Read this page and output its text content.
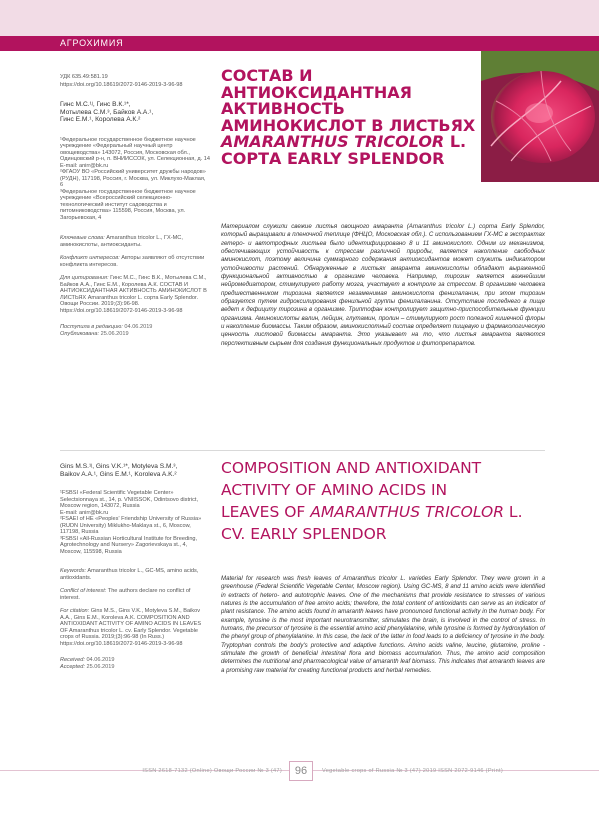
АГРОХИМИЯ

УДК 635.49:581.19

https://doi.org/10.18619/2072-9146-2019-3-96-98

Гинс М.С.¹ʲ, Гинс В.К.¹*,
Мотылева С.М.³, Байков А.А.¹,
Гинс Е.М.¹, Королева А.К.²

¹Федеральное государственное бюджетное научное учреждение «Федеральный научный центр овощеводства» 143072, Россия, Московская обл., Одинцовский р-н, п. ВНИИССОК, ул. Селекционная, д. 14

E-mail: anirr@bk.ru

²ФГАОУ ВО «Российский университет дружбы народов» (РУДН), 117198, Россия, г. Москва, ул. Миклухо-Маклая, 6

³Федеральное государственное бюджетное научное учреждение «Всероссийский селекционно-технологический институт садоводства и питомниководства» 115598, Россия, Москва, ул. Загорьевская, 4

Ключевые слова: Amaranthus tricolor L., ГХ-МС, аминокислоты, антиоксиданты.

Конфликт интересов: Авторы заявляют об отсутствии конфликта интересов.

Для цитирования: Гинс М.С., Гинс В.К., Мотылева С.М., Байков А.А., Гинс Е.М., Королева А.К. СОСТАВ И АНТИОКСИДАНТНАЯ АКТИВНОСТЬ АМИНОКИСЛОТ В ЛИСТЬЯХ Amaranthus tricolor L. сорта Early Splendor. Овощи России. 2019;(3):96-98. https://doi.org/10.18619/2072-9146-2019-3-96-98

Поступила в редакцию: 04.06.2019
Опубликована: 25.06.2019
СОСТАВ И
АНТИОКСИДАНТНАЯ
АКТИВНОСТЬ
АМИНОКИСЛОТ В ЛИСТЬЯХ
AMARANTHUS TRICOLOR L.
СОРТА EARLY SPLENDOR
Материалом служили свежие листья овощного амаранта (Amaranthus tricolor L.) сорта Early Splendor, который выращивали в пленочной теплице (ФНЦО, Московская обл.). С использованием ГХ-МС в экстрактах гетеро- и автотрофных листьев было идентифицировано 8 и 11 аминокислот. Одним из механизмов, обеспечивающих устойчивость к стрессам различной природы, является накопление свободных аминокислот, поэтому величина суммарного содержания антиоксидантов может служить индикатором устойчивости растений. Обнаруженные в листьях амаранта аминокислоты обладают выраженной функциональной активностью в организме человека. Например, тирозин является важнейшим нейромедиатором, стимулирует работу мозга, участвует в контроле за стрессом. В организме человека предшественником тирозина является незаменимая аминокислота фенилаланин, при этом тирозин образуется путем гидроксилирования фенильной группы фенилаланина. Отсутствие последнего в пище ведет к дефициту тирозина в организме. Триптофан контролирует защитно-приспособительные функции организма. Аминокислоты валин, лейцин, глутамин, пролин – стимулируют рост полезной кишечной флоры и накопление биомассы. Таким образом, аминокислотный состав определяет пищевую и фармакологическую ценность листовой биомассы амаранта. Это указывает на то, что листья амаранта являются перспективным сырьем для создания функциональных продуктов и фитопрепаратов.
Gins M.S.¹ʲ, Gins V.K.¹*, Motyleva S.M.³,
Baikov A.A.¹, Gins E.M.¹, Koroleva A.K.²

¹FSBSI «Federal Scientific Vegetable Center» Selectsionnaya st., 14, p. VNIISSOK, Odintsovo district, Moscow region, 143072, Russia

E-mail: anirr@bk.ru

²FSAEI of HE «Peoples' Friendship University of Russia» (RUDN University) Miklukho-Maklaya st., 6, Moscow, 117198, Russia

³FSBSI «All-Russian Horticultural Institute for Breeding, Agrotechnology and Nursery» Zagorievskaya st., 4, Moscow, 115598, Russia

Keywords: Amaranthus tricolor L., GC-MS, amino acids, antioxidants.

Conflict of interest: The authors declare no conflict of interest.

For citation: Gins M.S., Gins V.K., Motyleva S.M., Baikov A.A., Gins E.M., Koroleva A.K. COMPOSITION AND ANTIOXIDANT ACTIVITY OF AMINO ACIDS IN LEAVES OF Amaranthus tricolor L. cv. Early Splendor. Vegetable crops of Russia. 2019;(3):96-98 (In Russ.) https://doi.org/10.18619/2072-9146-2019-3-96-98

Received: 04.06.2019
Accepted: 25.06.2019
COMPOSITION AND ANTIOXIDANT
ACTIVITY OF AMINO ACIDS IN
LEAVES OF AMARANTHUS TRICOLOR L.
CV. EARLY SPLENDOR
Material for research was fresh leaves of Amaranthus tricolor L. varieties Early Splendor. They were grown in a greenhouse (Federal Scientific Vegetable Center, Moscow region). Using GC-MS, 8 and 11 amino acids were identified in extracts of hetero- and autotrophic leaves. One of the mechanisms that provide resistance to stresses of various natures is the accumulation of free amino acids; therefore, the total content of antioxidants can serve as an indicator of plant resistance. The amino acids found in amaranth leaves have pronounced functional activity in the human body. For example, tyrosine is the most important neurotransmitter, stimulates the brain, is involved in the control of stress. In humans, the precursor of tyrosine is the essential amino acid phenylalanine, while tyrosine is formed by hydroxylation of the phenyl group of phenylalanine. In this case, the lack of the latter in food leads to a deficiency of tyrosine in the body. Tryptophan controls the body's protective and adaptive functions. Amino acids valine, leucine, glutamine, proline - stimulate the growth of beneficial intestinal flora and biomass accumulation. Thus, the amino acid composition determines the nutritional and pharmacological value of amaranth leaf biomass. This indicates that amaranth leaves are a promising raw material for creating functional products and herbal remedies.
ISSN 2618-7132 (Online) Овощи России № 3 (47)	96	Vegetable crops of Russia № 3 (47) 2019 ISSN 2072-9146 (Print)
